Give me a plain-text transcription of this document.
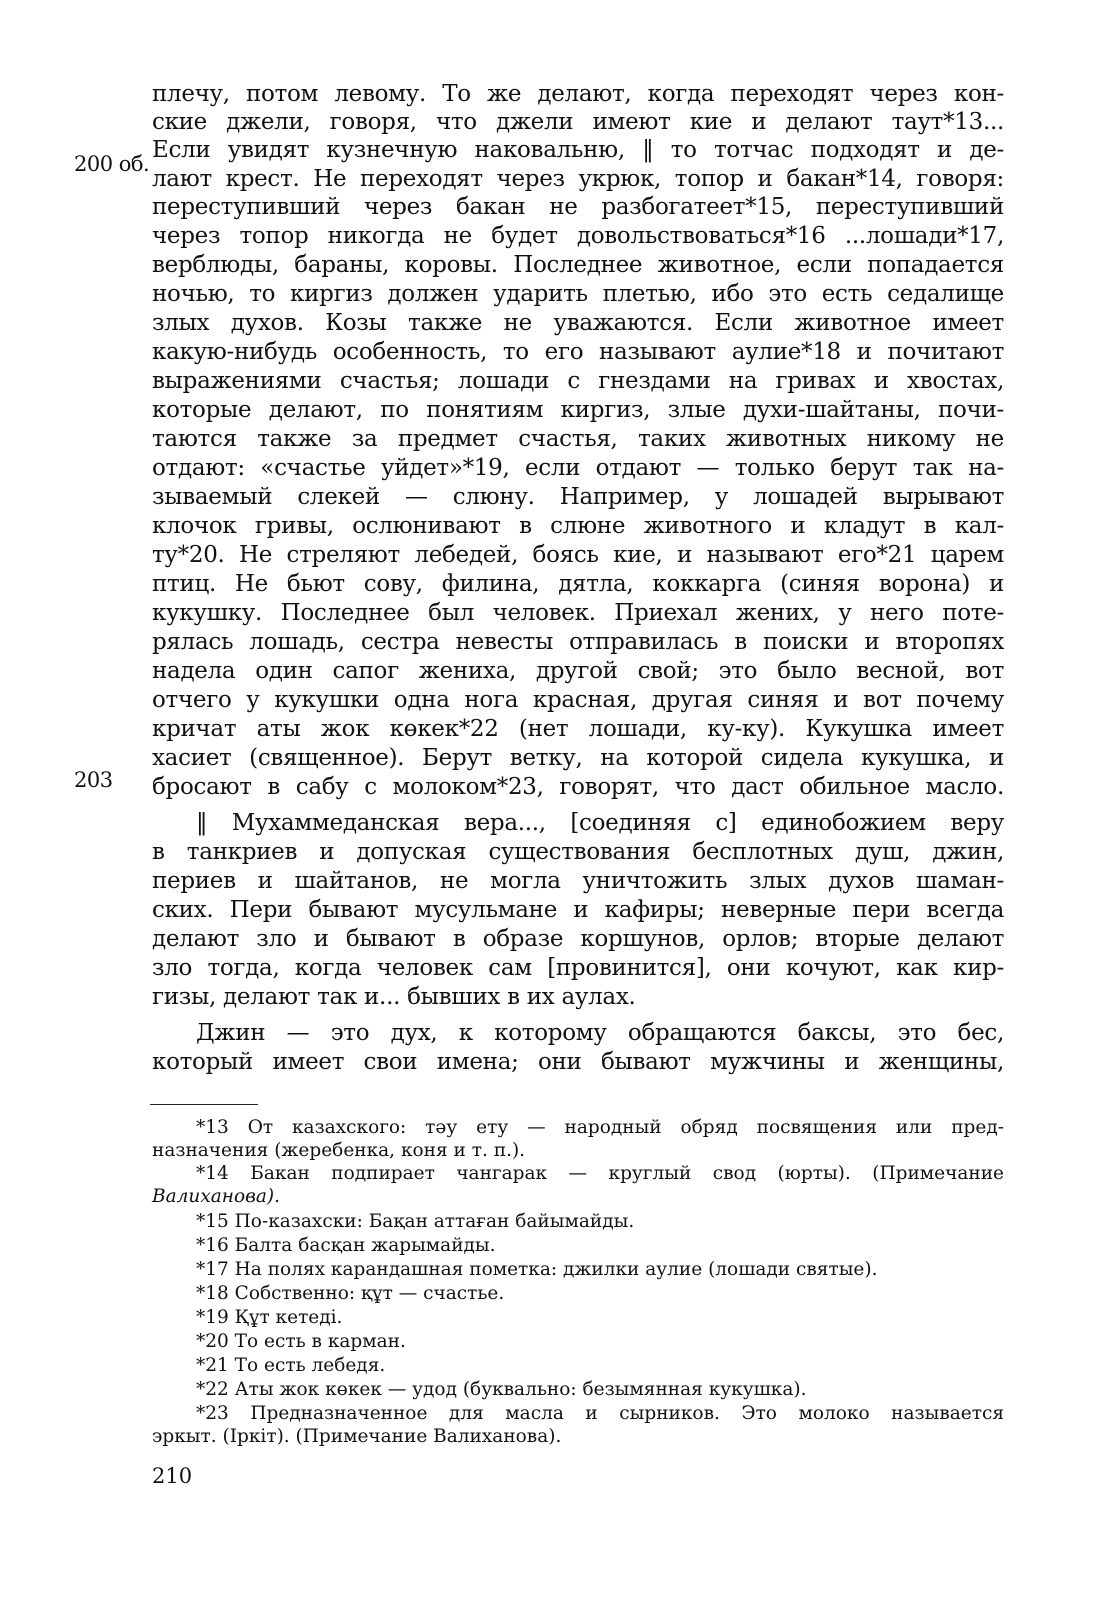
200 об.
203
плечу, потом левому. То же делают, когда переходят через кон-
ские джели, говоря, что джели имеют кие и делают таут*13...
Если увидят кузнечную наковальню, ‖ то тотчас подходят и де-
лают крест. Не переходят через укрюк, топор и бакан*14, говоря:
переступивший через бакан не разбогатеет*15, переступивший
через топор никогда не будет довольствоваться*16 ...лошади*17,
верблюды, бараны, коровы. Последнее животное, если попадается
ночью, то киргиз должен ударить плетью, ибо это есть седалище
злых духов. Козы также не уважаются. Если животное имеет
какую-нибудь особенность, то его называют аулие*18 и почитают
выражениями счастья; лошади с гнездами на гривах и хвостах,
которые делают, по понятиям киргиз, злые духи-шайтаны, почи-
таются также за предмет счастья, таких животных никому не
отдают: «счастье уйдет»*19, если отдают — только берут так на-
зываемый слекей — слюну. Например, у лошадей вырывают
клочок гривы, ослюнивают в слюне животного и кладут в кал-
ту*20. Не стреляют лебедей, боясь кие, и называют его*21 царем
птиц. Не бьют сову, филина, дятла, коккарга (синяя ворона) и
кукушку. Последнее был человек. Приехал жених, у него поте-
рялась лошадь, сестра невесты отправилась в поиски и второпях
надела один сапог жениха, другой свой; это было весной, вот
отчего у кукушки одна нога красная, другая синяя и вот почему
кричат аты жок көкек*22 (нет лошади, ку-ку). Кукушка имеет
хасиет (священное). Берут ветку, на которой сидела кукушка, и
бросают в сабу с молоком*23, говорят, что даст обильное масло.
‖ Мухаммеданская вера..., [соединяя с] единобожием веру
в танкриев и допуская существования бесплотных душ, джин,
периев и шайтанов, не могла уничтожить злых духов шаман-
ских. Пери бывают мусульмане и кафиры; неверные пери всегда
делают зло и бывают в образе коршунов, орлов; вторые делают
зло тогда, когда человек сам [провинится], они кочуют, как кир-
гизы, делают так и... бывших в их аулах.
Джин — это дух, к которому обращаются баксы, это бес,
который имеет свои имена; они бывают мужчины и женщины,
*13 От казахского: тәу ету — народный обряд посвящения или пред-
назначения (жеребенка, коня и т. п.).
*14 Бакан подпирает чангарак — круглый свод (юрты). (Примечание
Валиханова).
*15 По-казахски: Бақан аттаған байымайды.
*16 Балта басқан жарымайды.
*17 На полях карандашная пометка: джилки аулие (лошади святые).
*18 Собственно: құт — счастье.
*19 Құт кетеді.
*20 То есть в карман.
*21 То есть лебедя.
*22 Аты жок көкек — удод (буквально: безымянная кукушка).
*23 Предназначенное для масла и сырников. Это молоко называется
эркыт. (Іркіт). (Примечание Валиханова).
210
